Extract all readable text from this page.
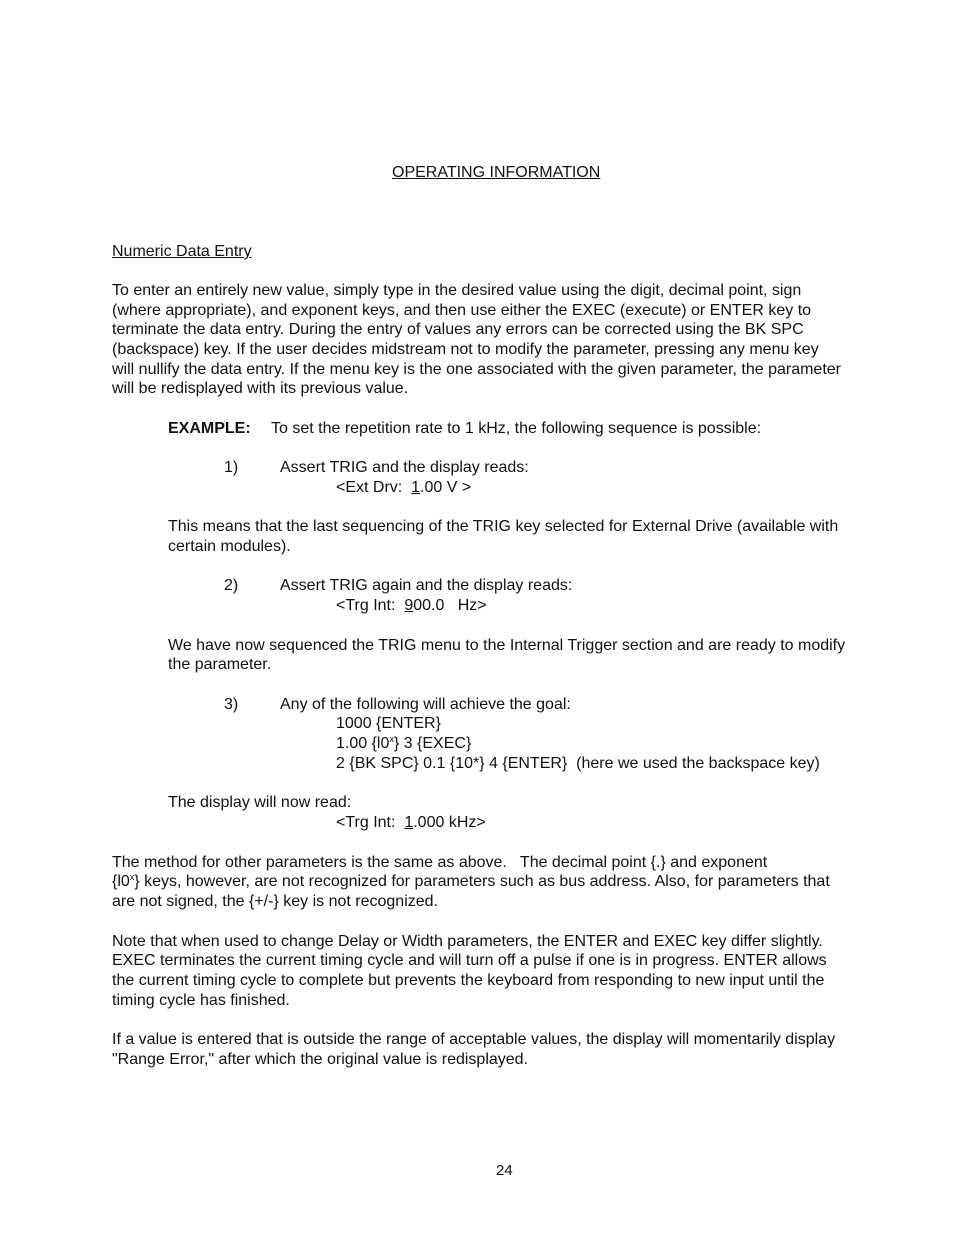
OPERATING INFORMATION
Numeric Data Entry
To enter an entirely new value, simply type in the desired value using the digit, decimal point, sign
(where appropriate), and exponent keys, and then use either the EXEC (execute) or ENTER key to
terminate the data entry. During the entry of values any errors can be corrected using the BK SPC
(backspace) key. If the user decides midstream not to modify the parameter, pressing any menu key
will nullify the data entry. If the menu key is the one associated with the given parameter, the parameter
will be redisplayed with its previous value.
EXAMPLE: To set the repetition rate to 1 kHz, the following sequence is possible:
1)	Assert TRIG and the display reads:
<Ext Drv:  1.00 V >
This means that the last sequencing of the TRIG key selected for External Drive (available with
certain modules).
2)	Assert TRIG again and the display reads:
<Trg Int:  900.0   Hz>
We have now sequenced the TRIG menu to the Internal Trigger section and are ready to modify
the parameter.
3)	Any of the following will achieve the goal:
1000 {ENTER}
1.00 {l0$^x$} 3 {EXEC}
2 {BK SPC} 0.1 {10*} 4 {ENTER}  (here we used the backspace key)
The display will now read:
<Trg Int:  1.000 kHz>
The method for other parameters is the same as above.   The decimal point {.} and exponent
{l0$^x$} keys, however, are not recognized for parameters such as bus address. Also, for parameters that
are not signed, the {+/-} key is not recognized.
Note that when used to change Delay or Width parameters, the ENTER and EXEC key differ slightly.
EXEC terminates the current timing cycle and will turn off a pulse if one is in progress. ENTER allows
the current timing cycle to complete but prevents the keyboard from responding to new input until the
timing cycle has finished.
If a value is entered that is outside the range of acceptable values, the display will momentarily display
"Range Error," after which the original value is redisplayed.
24
